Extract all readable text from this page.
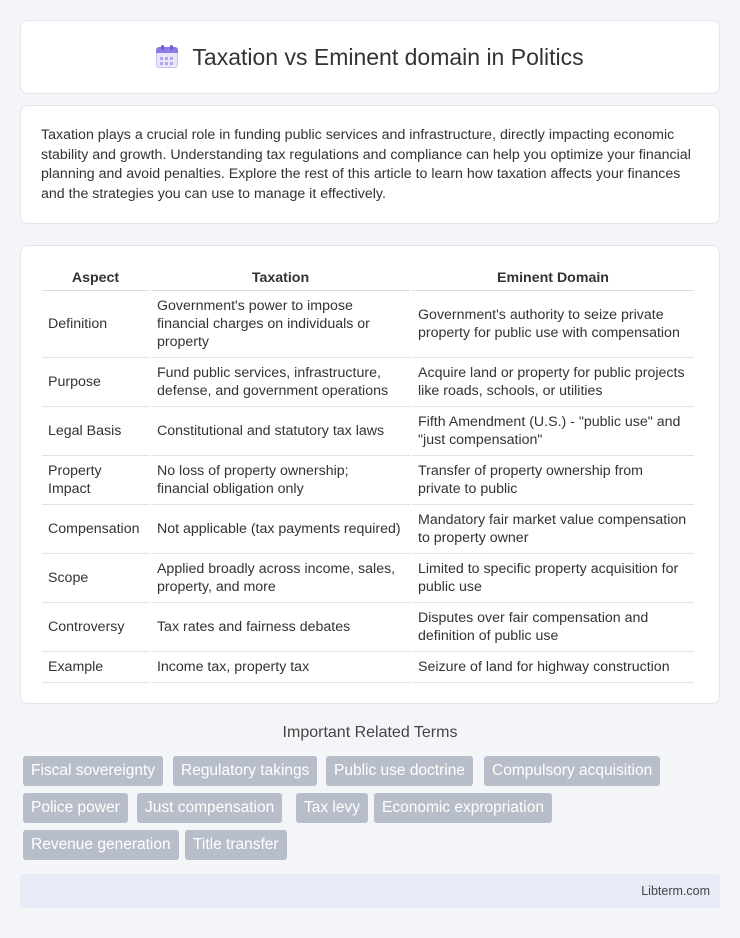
Taxation vs Eminent domain in Politics

Taxation plays a crucial role in funding public services and infrastructure, directly impacting economic stability and growth. Understanding tax regulations and compliance can help you optimize your financial planning and avoid penalties. Explore the rest of this article to learn how taxation affects your finances and the strategies you can use to manage it effectively.

Aspect	Taxation	Eminent Domain
Definition	Government's power to impose financial charges on individuals or property	Government's authority to seize private property for public use with compensation
Purpose	Fund public services, infrastructure, defense, and government operations	Acquire land or property for public projects like roads, schools, or utilities
Legal Basis	Constitutional and statutory tax laws	Fifth Amendment (U.S.) - "public use" and "just compensation"
Property Impact	No loss of property ownership; financial obligation only	Transfer of property ownership from private to public
Compensation	Not applicable (tax payments required)	Mandatory fair market value compensation to property owner
Scope	Applied broadly across income, sales, property, and more	Limited to specific property acquisition for public use
Controversy	Tax rates and fairness debates	Disputes over fair compensation and definition of public use
Example	Income tax, property tax	Seizure of land for highway construction
Important Related Terms
Fiscal sovereignty	Regulatory takings	Public use doctrine	Compulsory acquisition
Police power	Just compensation	Tax levy	Economic expropriation
Revenue generation	Title transfer
Libterm.com
